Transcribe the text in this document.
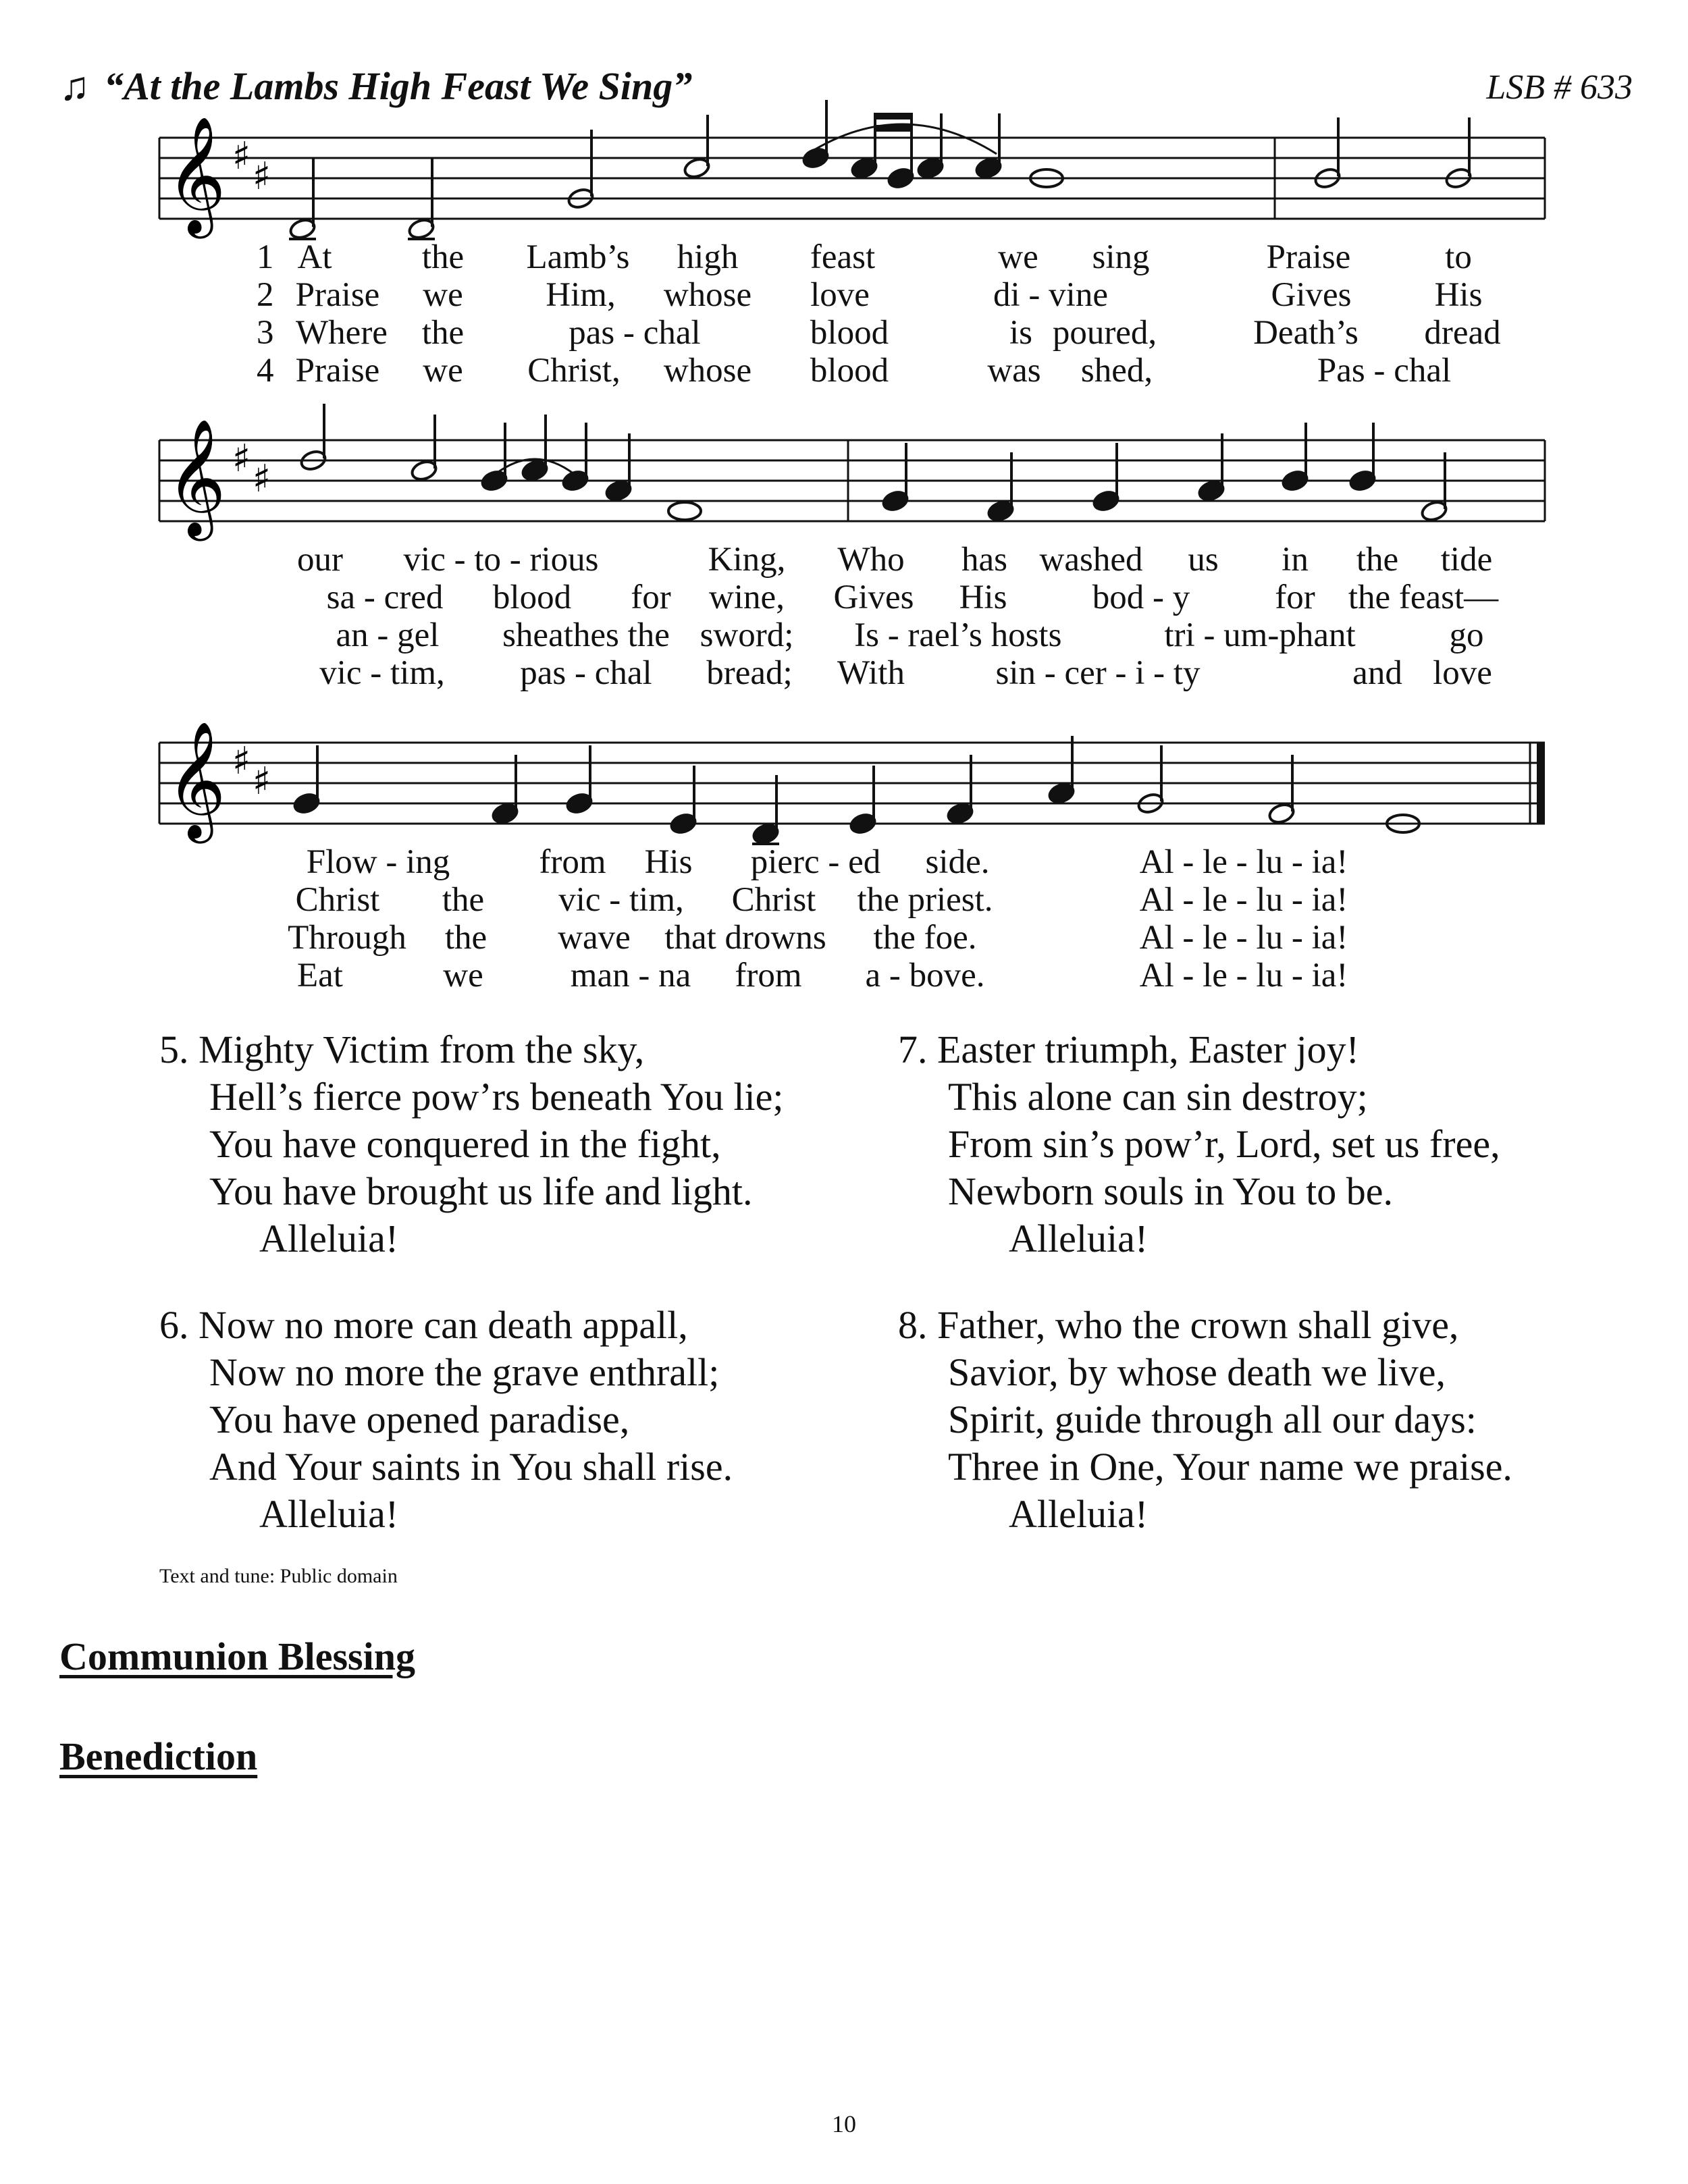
♫ “At the Lambs High Feast We Sing”	LSB # 633
𝄞 ♯ ♯
1 At	the Lamb’s high feast	we sing	Praise	to
2 Praise we Him, whose love	di - vine	Gives His
3 Where the	pas - chal	blood	is poured,	Death’s dread
4 Praise we Christ, whose blood	was shed,	Pas - chal
𝄞 ♯ ♯
our vic - to - rious	King, Who has washed us in the tide
sa - cred blood for wine, Gives His bod - y for the feast—
an - gel sheathes the sword; Is - rael’s hosts	tri - um-phant	go
vic - tim, pas - chal bread; With	sin - cer - i - ty	and love
𝄞 ♯ ♯
Flow - ing	from His pierc - ed side.	Al - le - lu - ia!
Christ the vic - tim, Christ the priest.	Al - le - lu - ia!
Through the wave that drowns the foe.	Al - le - lu - ia!
Eat	we	man - na from a - bove.	Al - le - lu - ia!
5. Mighty Victim from the sky,
Hell’s fierce pow’rs beneath You lie;
You have conquered in the fight,
You have brought us life and light.
Alleluia!
6. Now no more can death appall,
Now no more the grave enthrall;
You have opened paradise,
And Your saints in You shall rise.
Alleluia!
7. Easter triumph, Easter joy!
This alone can sin destroy;
From sin’s pow’r, Lord, set us free,
Newborn souls in You to be.
Alleluia!
8. Father, who the crown shall give,
Savior, by whose death we live,
Spirit, guide through all our days:
Three in One, Your name we praise.
Alleluia!
Text and tune: Public domain
Communion Blessing
Benediction
10
